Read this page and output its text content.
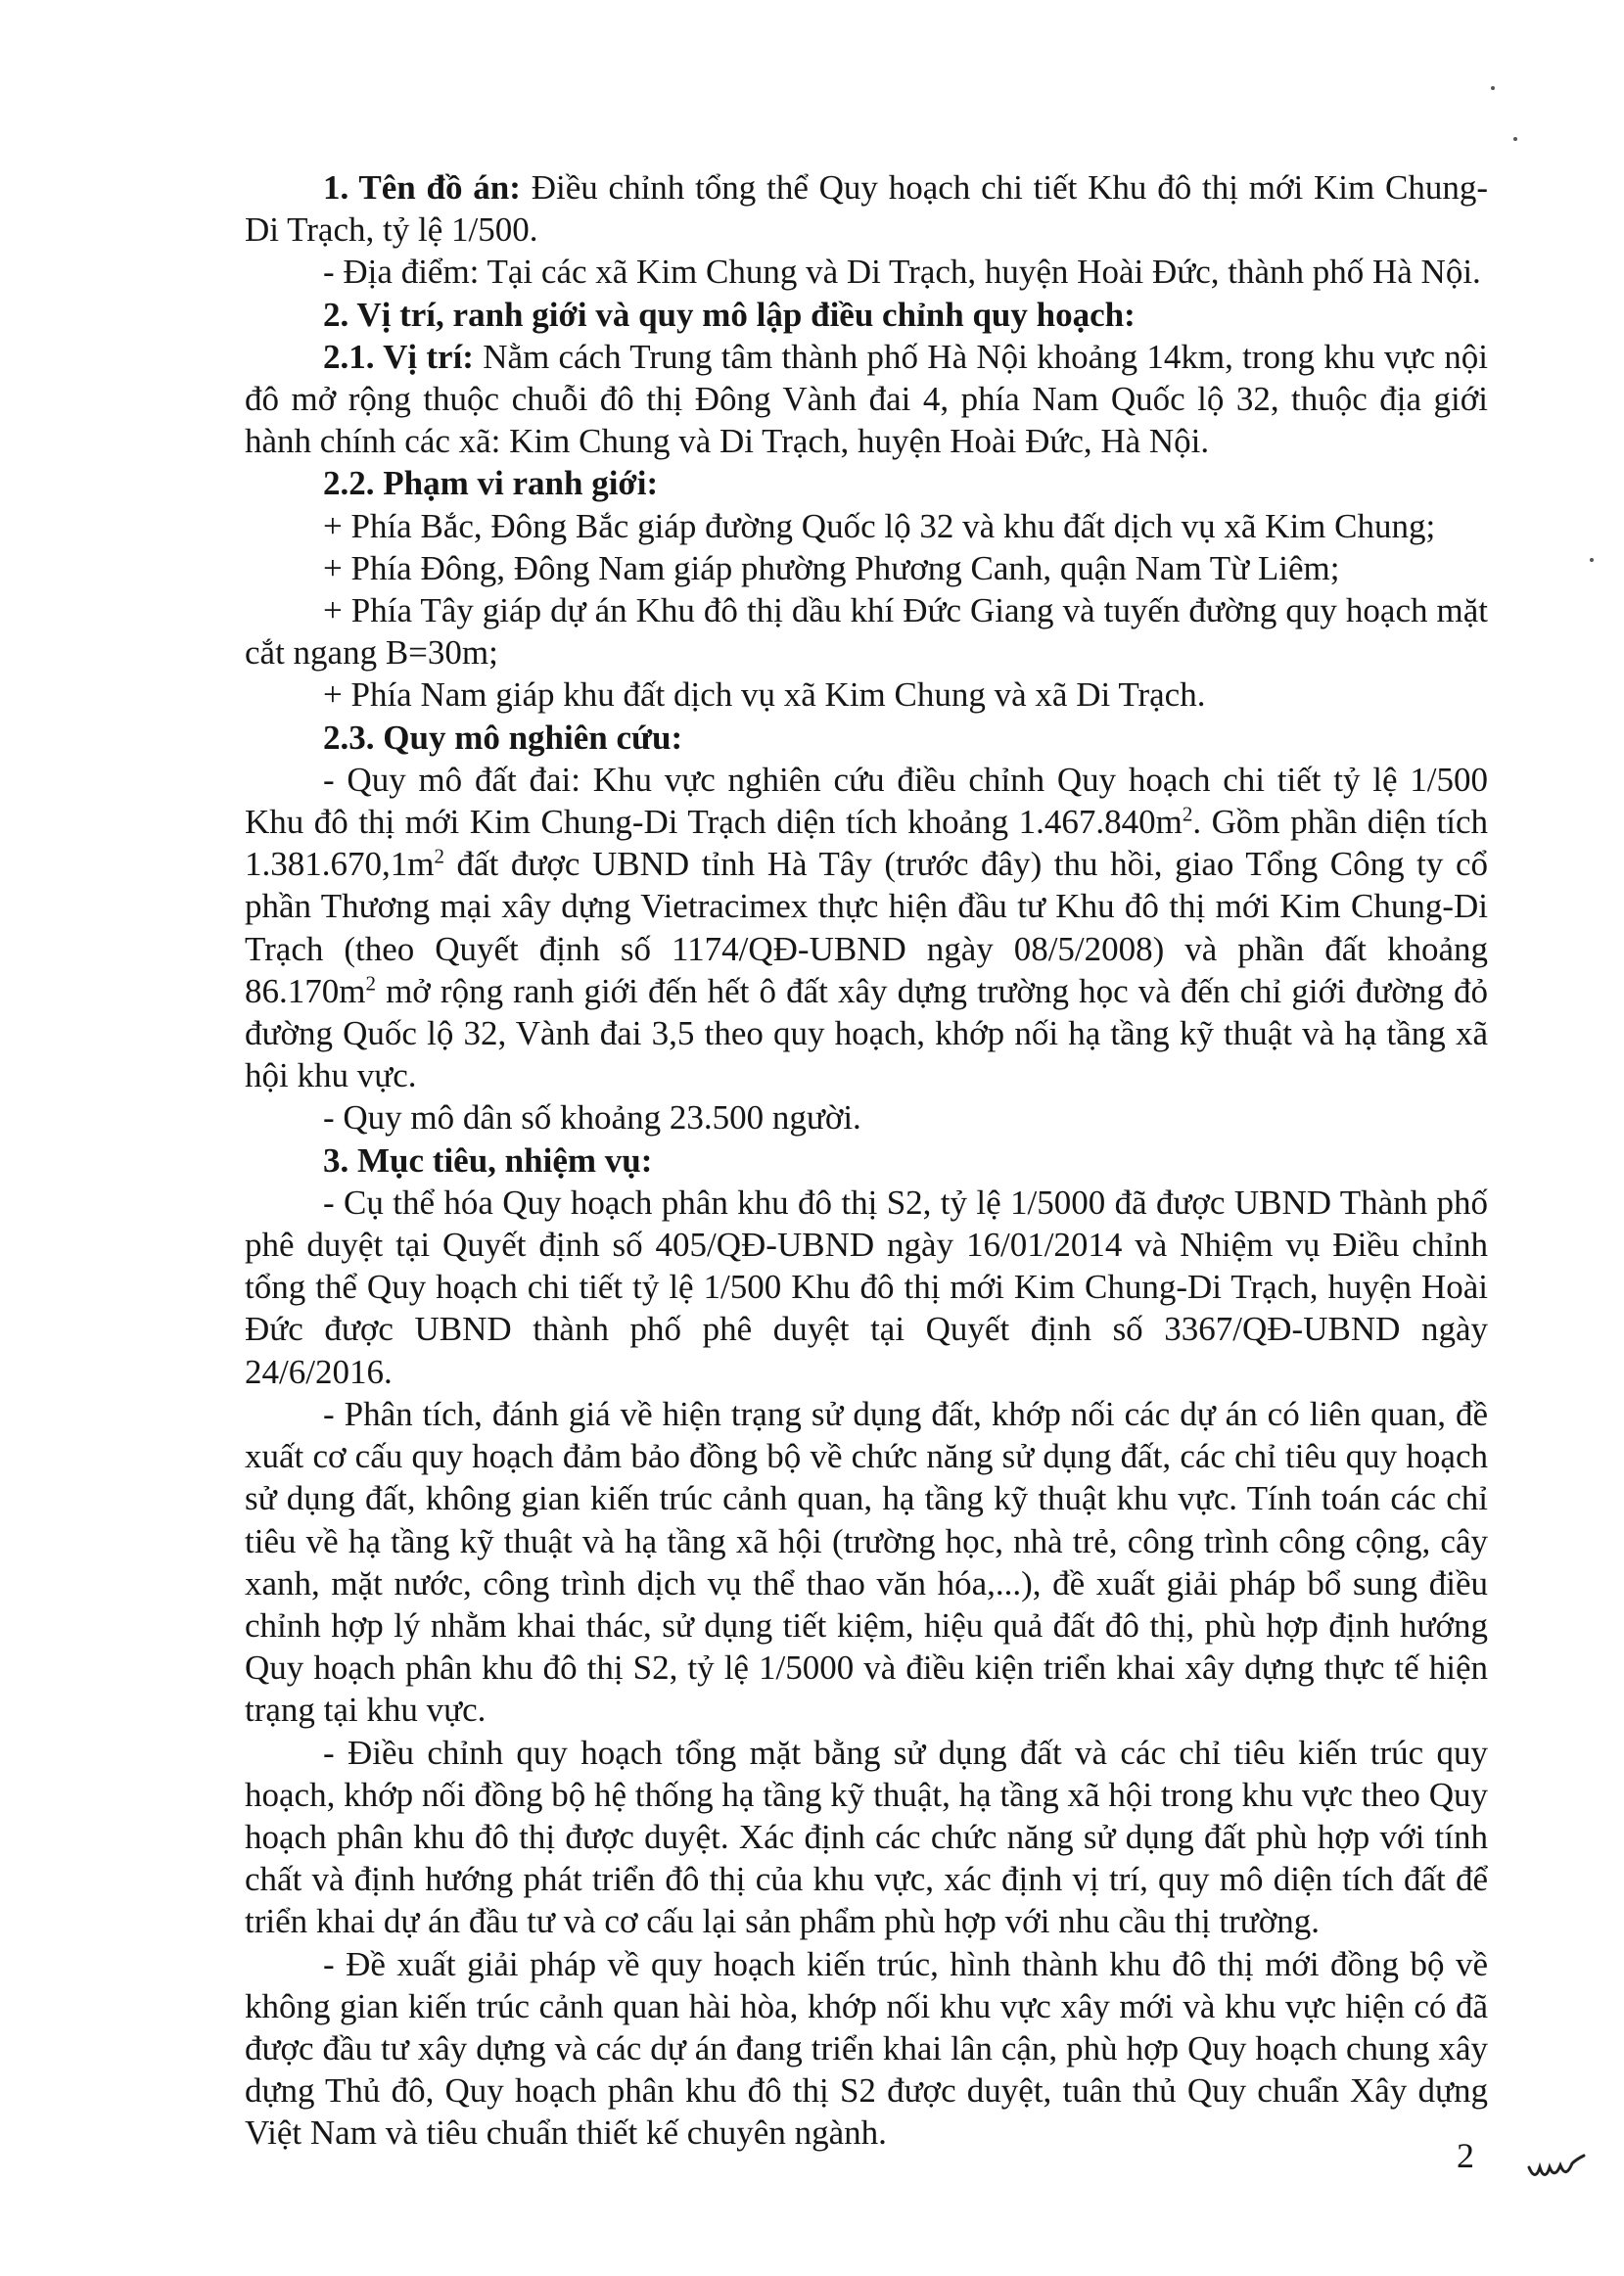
1. Tên đồ án: Điều chỉnh tổng thể Quy hoạch chi tiết Khu đô thị mới Kim Chung-Di Trạch, tỷ lệ 1/500.

- Địa điểm: Tại các xã Kim Chung và Di Trạch, huyện Hoài Đức, thành phố Hà Nội.

2. Vị trí, ranh giới và quy mô lập điều chỉnh quy hoạch:

2.1. Vị trí: Nằm cách Trung tâm thành phố Hà Nội khoảng 14km, trong khu vực nội đô mở rộng thuộc chuỗi đô thị Đông Vành đai 4, phía Nam Quốc lộ 32, thuộc địa giới hành chính các xã: Kim Chung và Di Trạch, huyện Hoài Đức, Hà Nội.

2.2. Phạm vi ranh giới:

+ Phía Bắc, Đông Bắc giáp đường Quốc lộ 32 và khu đất dịch vụ xã Kim Chung;

+ Phía Đông, Đông Nam giáp phường Phương Canh, quận Nam Từ Liêm;

+ Phía Tây giáp dự án Khu đô thị dầu khí Đức Giang và tuyến đường quy hoạch mặt cắt ngang B=30m;

+ Phía Nam giáp khu đất dịch vụ xã Kim Chung và xã Di Trạch.

2.3. Quy mô nghiên cứu:

- Quy mô đất đai: Khu vực nghiên cứu điều chỉnh Quy hoạch chi tiết tỷ lệ 1/500 Khu đô thị mới Kim Chung-Di Trạch diện tích khoảng $1.467.840m^2$. Gồm phần diện tích $1.381.670,1m^2$ đất được UBND tỉnh Hà Tây (trước đây) thu hồi, giao Tổng Công ty cổ phần Thương mại xây dựng Vietracimex thực hiện đầu tư Khu đô thị mới Kim Chung-Di Trạch (theo Quyết định số 1174/QĐ-UBND ngày 08/5/2008) và phần đất khoảng $86.170m^2$ mở rộng ranh giới đến hết ô đất xây dựng trường học và đến chỉ giới đường đỏ đường Quốc lộ 32, Vành đai 3,5 theo quy hoạch, khớp nối hạ tầng kỹ thuật và hạ tầng xã hội khu vực.

- Quy mô dân số khoảng 23.500 người.

3. Mục tiêu, nhiệm vụ:

- Cụ thể hóa Quy hoạch phân khu đô thị S2, tỷ lệ 1/5000 đã được UBND Thành phố phê duyệt tại Quyết định số 405/QĐ-UBND ngày 16/01/2014 và Nhiệm vụ Điều chỉnh tổng thể Quy hoạch chi tiết tỷ lệ 1/500 Khu đô thị mới Kim Chung-Di Trạch, huyện Hoài Đức được UBND thành phố phê duyệt tại Quyết định số 3367/QĐ-UBND ngày 24/6/2016.

- Phân tích, đánh giá về hiện trạng sử dụng đất, khớp nối các dự án có liên quan, đề xuất cơ cấu quy hoạch đảm bảo đồng bộ về chức năng sử dụng đất, các chỉ tiêu quy hoạch sử dụng đất, không gian kiến trúc cảnh quan, hạ tầng kỹ thuật khu vực. Tính toán các chỉ tiêu về hạ tầng kỹ thuật và hạ tầng xã hội (trường học, nhà trẻ, công trình công cộng, cây xanh, mặt nước, công trình dịch vụ thể thao văn hóa,...), đề xuất giải pháp bổ sung điều chỉnh hợp lý nhằm khai thác, sử dụng tiết kiệm, hiệu quả đất đô thị, phù hợp định hướng Quy hoạch phân khu đô thị S2, tỷ lệ 1/5000 và điều kiện triển khai xây dựng thực tế hiện trạng tại khu vực.

- Điều chỉnh quy hoạch tổng mặt bằng sử dụng đất và các chỉ tiêu kiến trúc quy hoạch, khớp nối đồng bộ hệ thống hạ tầng kỹ thuật, hạ tầng xã hội trong khu vực theo Quy hoạch phân khu đô thị được duyệt. Xác định các chức năng sử dụng đất phù hợp với tính chất và định hướng phát triển đô thị của khu vực, xác định vị trí, quy mô diện tích đất để triển khai dự án đầu tư và cơ cấu lại sản phẩm phù hợp với nhu cầu thị trường.

- Đề xuất giải pháp về quy hoạch kiến trúc, hình thành khu đô thị mới đồng bộ về không gian kiến trúc cảnh quan hài hòa, khớp nối khu vực xây mới và khu vực hiện có đã được đầu tư xây dựng và các dự án đang triển khai lân cận, phù hợp Quy hoạch chung xây dựng Thủ đô, Quy hoạch phân khu đô thị S2 được duyệt, tuân thủ Quy chuẩn Xây dựng Việt Nam và tiêu chuẩn thiết kế chuyên ngành.

2
